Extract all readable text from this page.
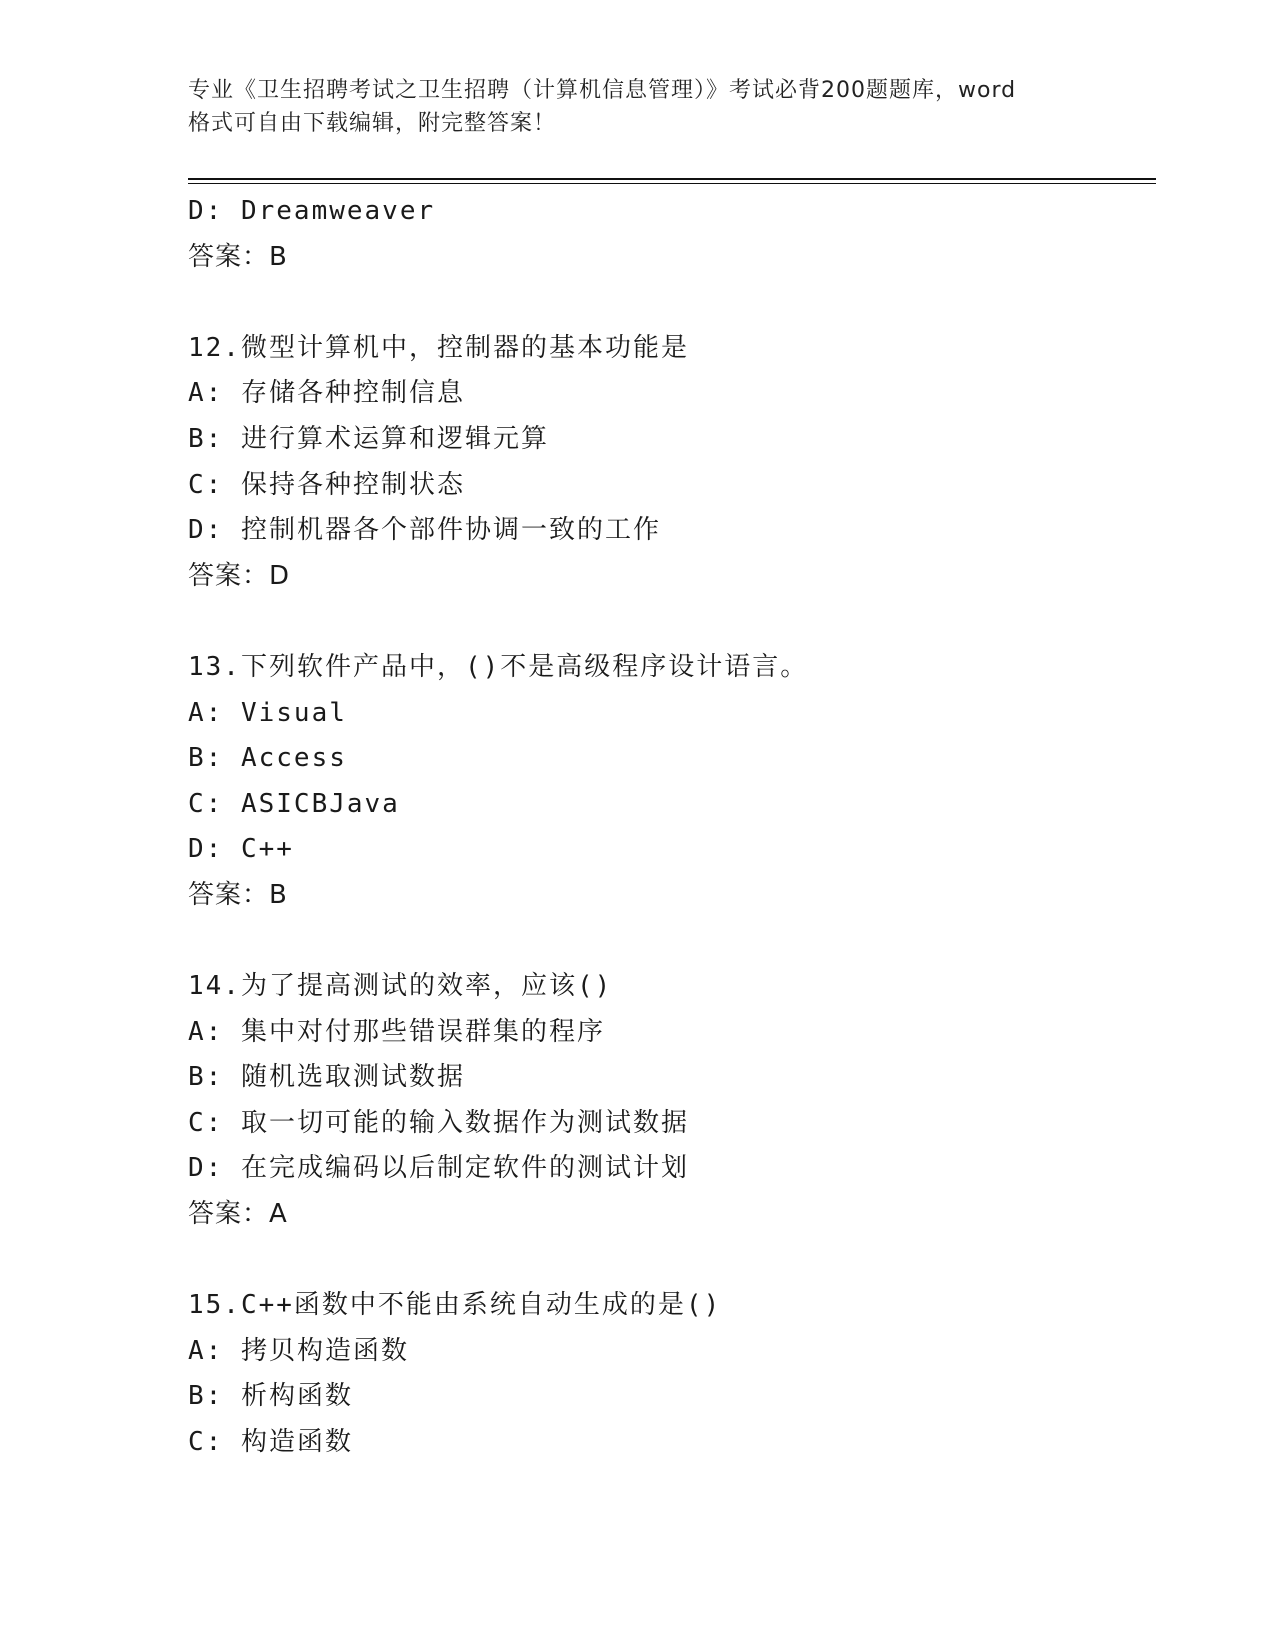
专业《卫生招聘考试之卫生招聘（计算机信息管理）》考试必背200题题库，word
格式可自由下载编辑，附完整答案！
D: Dreamweaver
答案：B
12.微型计算机中，控制器的基本功能是
A: 存储各种控制信息
B: 进行算术运算和逻辑元算
C: 保持各种控制状态
D: 控制机器各个部件协调一致的工作
答案：D
13.下列软件产品中，()不是高级程序设计语言。
A: Visual
B: Access
C: ASICBJava
D: C++
答案：B
14.为了提高测试的效率，应该()
A: 集中对付那些错误群集的程序
B: 随机选取测试数据
C: 取一切可能的输入数据作为测试数据
D: 在完成编码以后制定软件的测试计划
答案：A
15.C++函数中不能由系统自动生成的是()
A: 拷贝构造函数
B: 析构函数
C: 构造函数
